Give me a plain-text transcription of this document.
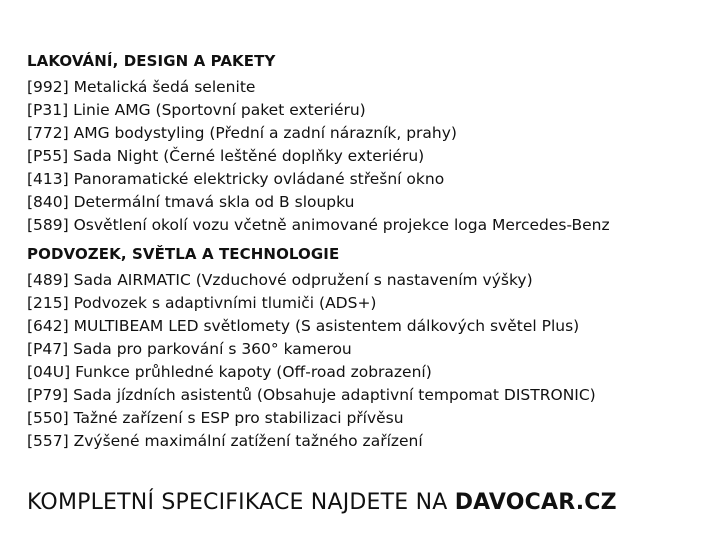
LAKOVÁNÍ, DESIGN A PAKETY
[992] Metalická šedá selenite
[P31] Linie AMG (Sportovní paket exteriéru)
[772] AMG bodystyling (Přední a zadní nárazník, prahy)
[P55] Sada Night (Černé leštěné doplňky exteriéru)
[413] Panoramatické elektricky ovládané střešní okno
[840] Determální tmavá skla od B sloupku
[589] Osvětlení okolí vozu včetně animované projekce loga Mercedes-Benz
PODVOZEK, SVĚTLA A TECHNOLOGIE
[489] Sada AIRMATIC (Vzduchové odpružení s nastavením výšky)
[215] Podvozek s adaptivními tlumiči (ADS+)
[642] MULTIBEAM LED světlomety (S asistentem dálkových světel Plus)
[P47] Sada pro parkování s 360° kamerou
[04U] Funkce průhledné kapoty (Off-road zobrazení)
[P79] Sada jízdních asistentů (Obsahuje adaptivní tempomat DISTRONIC)
[550] Tažné zařízení s ESP pro stabilizaci přívěsu
[557] Zvýšené maximální zatížení tažného zařízení
KOMPLETNÍ SPECIFIKACE NAJDETE NA DAVOCAR.CZ
